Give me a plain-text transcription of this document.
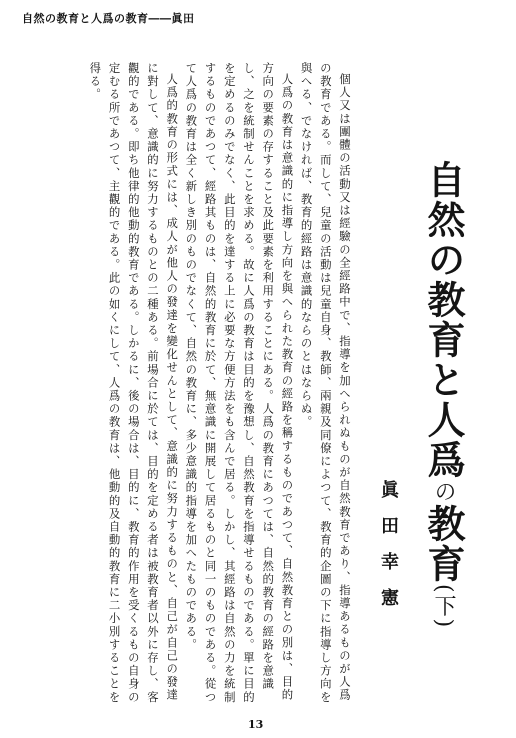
自然の教育と人爲の教育――眞田
自然の教育と人爲の教育(下)
眞田幸憲

個人又は團體の活動又は經驗の全經路中で、指導を加へられぬものが自然教育であり、指導あるものが人爲の教育である。而して、兒童の活動は兒童自身、教師、兩親及同僚によつて、教育的企圖の下に指導し方向を與へる、でなければ、教育的經路は意識的ならのとはならぬ。

人爲の教育は意識的に指導し方向を與へられた教育の經路を稱するものであつて、自然教育との別は、目的方向の要素の存すること及此要素を利用することにある。人爲の教育にあつては、自然的教育の經路を意識し、之を統制せんことを求める。故に人爲の教育は目的を豫想し、自然教育を指導せるものである。單に目的を定めるのみでなく、此目的を達する上に必要な方便方法をも含んで居る。しかし、其經路は自然の力を統制するものであつて、經路其ものは、自然的教育に於て、無意識に開展して居るものと同一のものである。從つて人爲の教育は全く新しき別のものでなくて、自然の教育に、多少意識的指導を加へたものである。

人爲的教育の形式には、成人が他人の發達を變化せんとして、意識的に努力するものと、自己が自己の發達に對して、意識的に努力するものとの二種ある。前場合に於ては、目的を定める者は被教育者以外に存し、客觀的である。即ち他律的他動的教育である。しかるに、後の場合は、目的に、教育的作用を受くるもの自身の定むる所であつて、主觀的である。此の如くにして、人爲の教育は、他動的及自動的教育に二小別することを得る。

13
